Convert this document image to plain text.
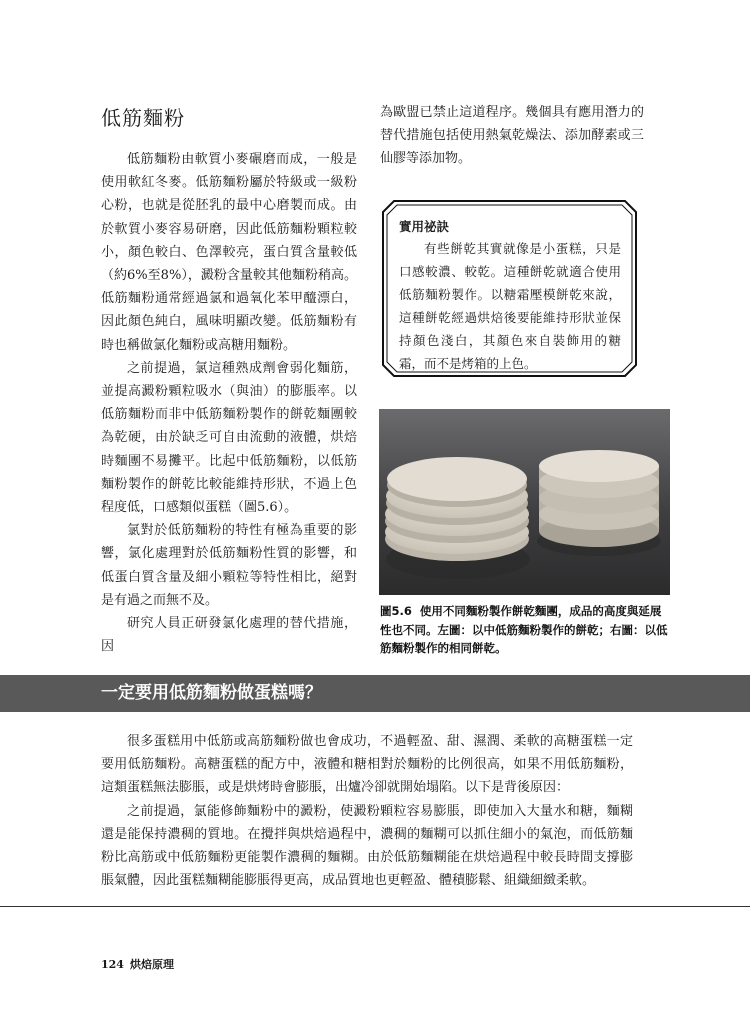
低筋麵粉

低筋麵粉由軟質小麥碾磨而成，一般是使用軟紅冬麥。低筋麵粉屬於特級或一級粉心粉，也就是從胚乳的最中心磨製而成。由於軟質小麥容易研磨，因此低筋麵粉顆粒較小，顏色較白、色澤較亮，蛋白質含量較低（約6%至8%），澱粉含量較其他麵粉稍高。低筋麵粉通常經過氯和過氧化苯甲醯漂白，因此顏色純白，風味明顯改變。低筋麵粉有時也稱做氯化麵粉或高糖用麵粉。

之前提過，氯這種熟成劑會弱化麵筋，並提高澱粉顆粒吸水（與油）的膨脹率。以低筋麵粉而非中低筋麵粉製作的餅乾麵團較為乾硬，由於缺乏可自由流動的液體，烘焙時麵團不易攤平。比起中低筋麵粉，以低筋麵粉製作的餅乾比較能維持形狀，不過上色程度低，口感類似蛋糕（圖5.6）。

氯對於低筋麵粉的特性有極為重要的影響，氯化處理對於低筋麵粉性質的影響，和低蛋白質含量及細小顆粒等特性相比，絕對是有過之而無不及。

研究人員正研發氯化處理的替代措施，因

為歐盟已禁止這道程序。幾個具有應用潛力的替代措施包括使用熱氣乾燥法、添加酵素或三仙膠等添加物。

實用祕訣

有些餅乾其實就像是小蛋糕，只是口感較濃、較乾。這種餅乾就適合使用低筋麵粉製作。以糖霜壓模餅乾來說，這種餅乾經過烘焙後要能維持形狀並保持顏色淺白，其顏色來自裝飾用的糖霜，而不是烤箱的上色。

圖5.6 使用不同麵粉製作餅乾麵團，成品的高度與延展性也不同。左圖：以中低筋麵粉製作的餅乾；右圖：以低筋麵粉製作的相同餅乾。
一定要用低筋麵粉做蛋糕嗎？

很多蛋糕用中低筋或高筋麵粉做也會成功，不過輕盈、甜、濕潤、柔軟的高糖蛋糕一定要用低筋麵粉。高糖蛋糕的配方中，液體和糖相對於麵粉的比例很高，如果不用低筋麵粉，這類蛋糕無法膨脹，或是烘烤時會膨脹，出爐冷卻就開始塌陷。以下是背後原因：

之前提過，氯能修飾麵粉中的澱粉，使澱粉顆粒容易膨脹，即使加入大量水和糖，麵糊還是能保持濃稠的質地。在攪拌與烘焙過程中，濃稠的麵糊可以抓住細小的氣泡，而低筋麵粉比高筋或中低筋麵粉更能製作濃稠的麵糊。由於低筋麵糊能在烘焙過程中較長時間支撐膨脹氣體，因此蛋糕麵糊能膨脹得更高，成品質地也更輕盈、體積膨鬆、組織細緻柔軟。

124 烘焙原理
